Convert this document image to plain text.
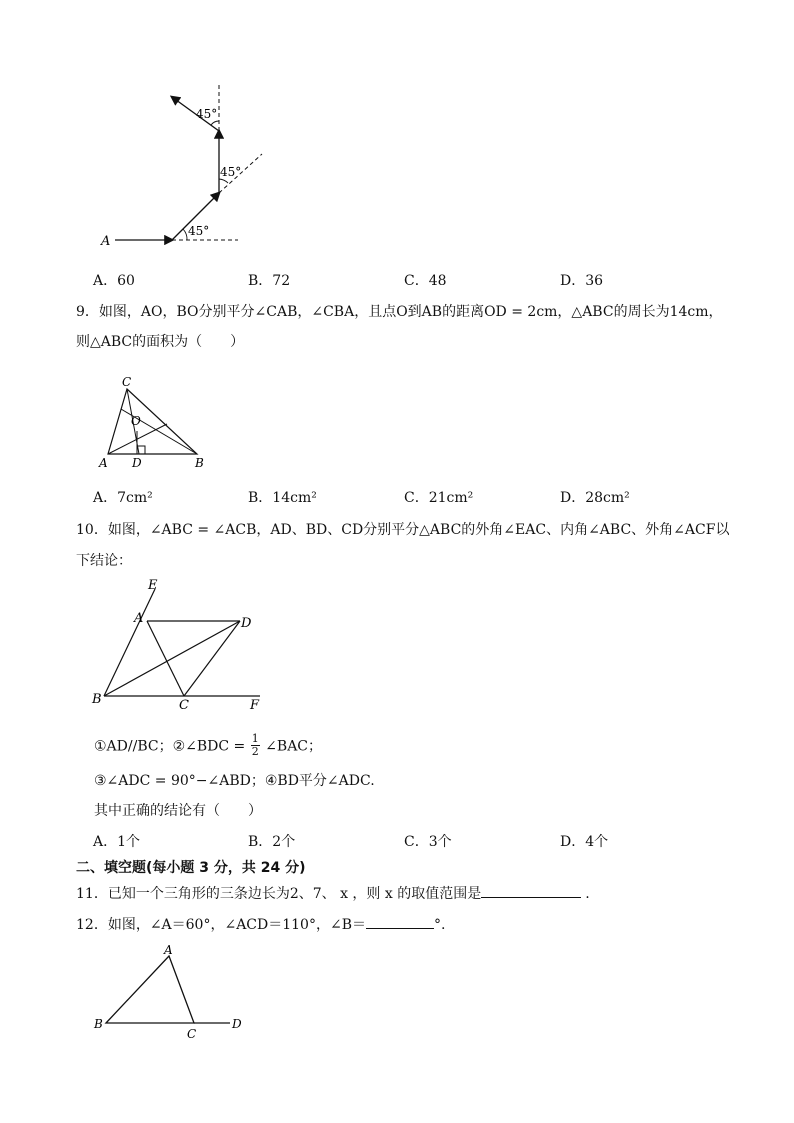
A
45°
45°
45°
A．60	B．72	C．48	D．36
9．如图，AO，BO分别平分∠CAB，∠CBA，且点O到AB的距离OD = 2cm，△ABC的周长为14cm，
则△ABC的面积为（　　）
C
O
A D	B
A．7cm²	B．14cm²	C．21cm²	D．28cm²
10．如图，∠ABC = ∠ACB，AD、BD、CD分别平分△ABC的外角∠EAC、内角∠ABC、外角∠ACF以
下结论：
E
A	D
B	C	F
①AD//BC；②∠BDC = $\frac{1}{2}$ ∠BAC；
③∠ADC = 90°−∠ABD；④BD平分∠ADC.
其中正确的结论有（　　）
A．1个	B．2个	C．3个	D．4个
二、填空题(每小题 3 分，共 24 分)
11．已知一个三角形的三条边长为2、7、 x ，则 x 的取值范围是	.
12．如图，∠A＝60°，∠ACD＝110°，∠B＝	°.
A
B
C
D
